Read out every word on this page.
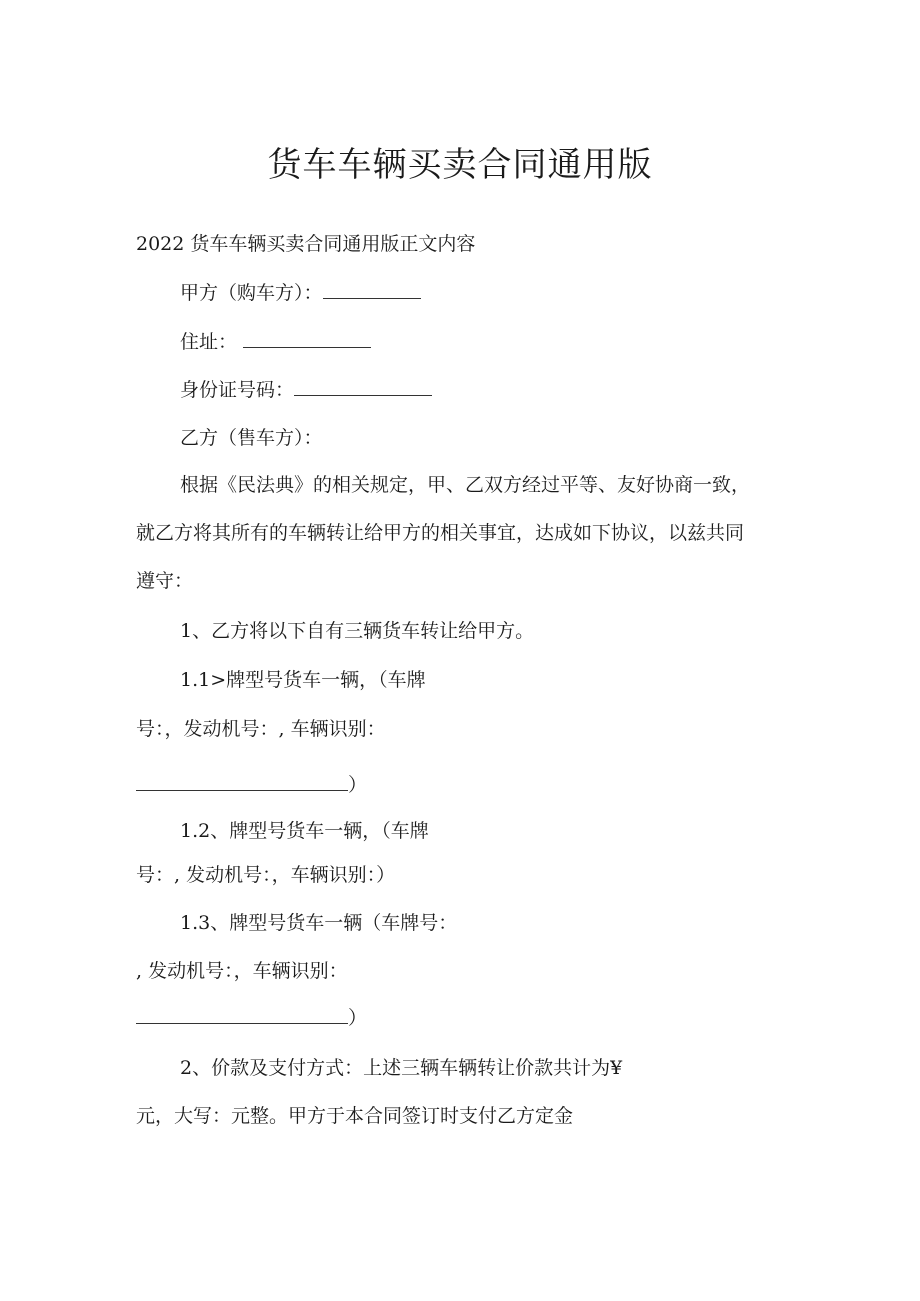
货车车辆买卖合同通用版
2022 货车车辆买卖合同通用版正文内容
甲方（购车方）：
住址：
身份证号码：
乙方（售车方）：
根据《民法典》的相关规定，甲、乙双方经过平等、友好协商一致，
就乙方将其所有的车辆转让给甲方的相关事宜，达成如下协议，以兹共同
遵守：
1、乙方将以下自有三辆货车转让给甲方。
1.1>牌型号货车一辆，（车牌
号：，发动机号：, 车辆识别：
）
1.2、牌型号货车一辆，（车牌
号：, 发动机号：，车辆识别：）
1.3、牌型号货车一辆（车牌号：
, 发动机号：，车辆识别：
）
2、价款及支付方式：上述三辆车辆转让价款共计为¥
元，大写：元整。甲方于本合同签订时支付乙方定金
